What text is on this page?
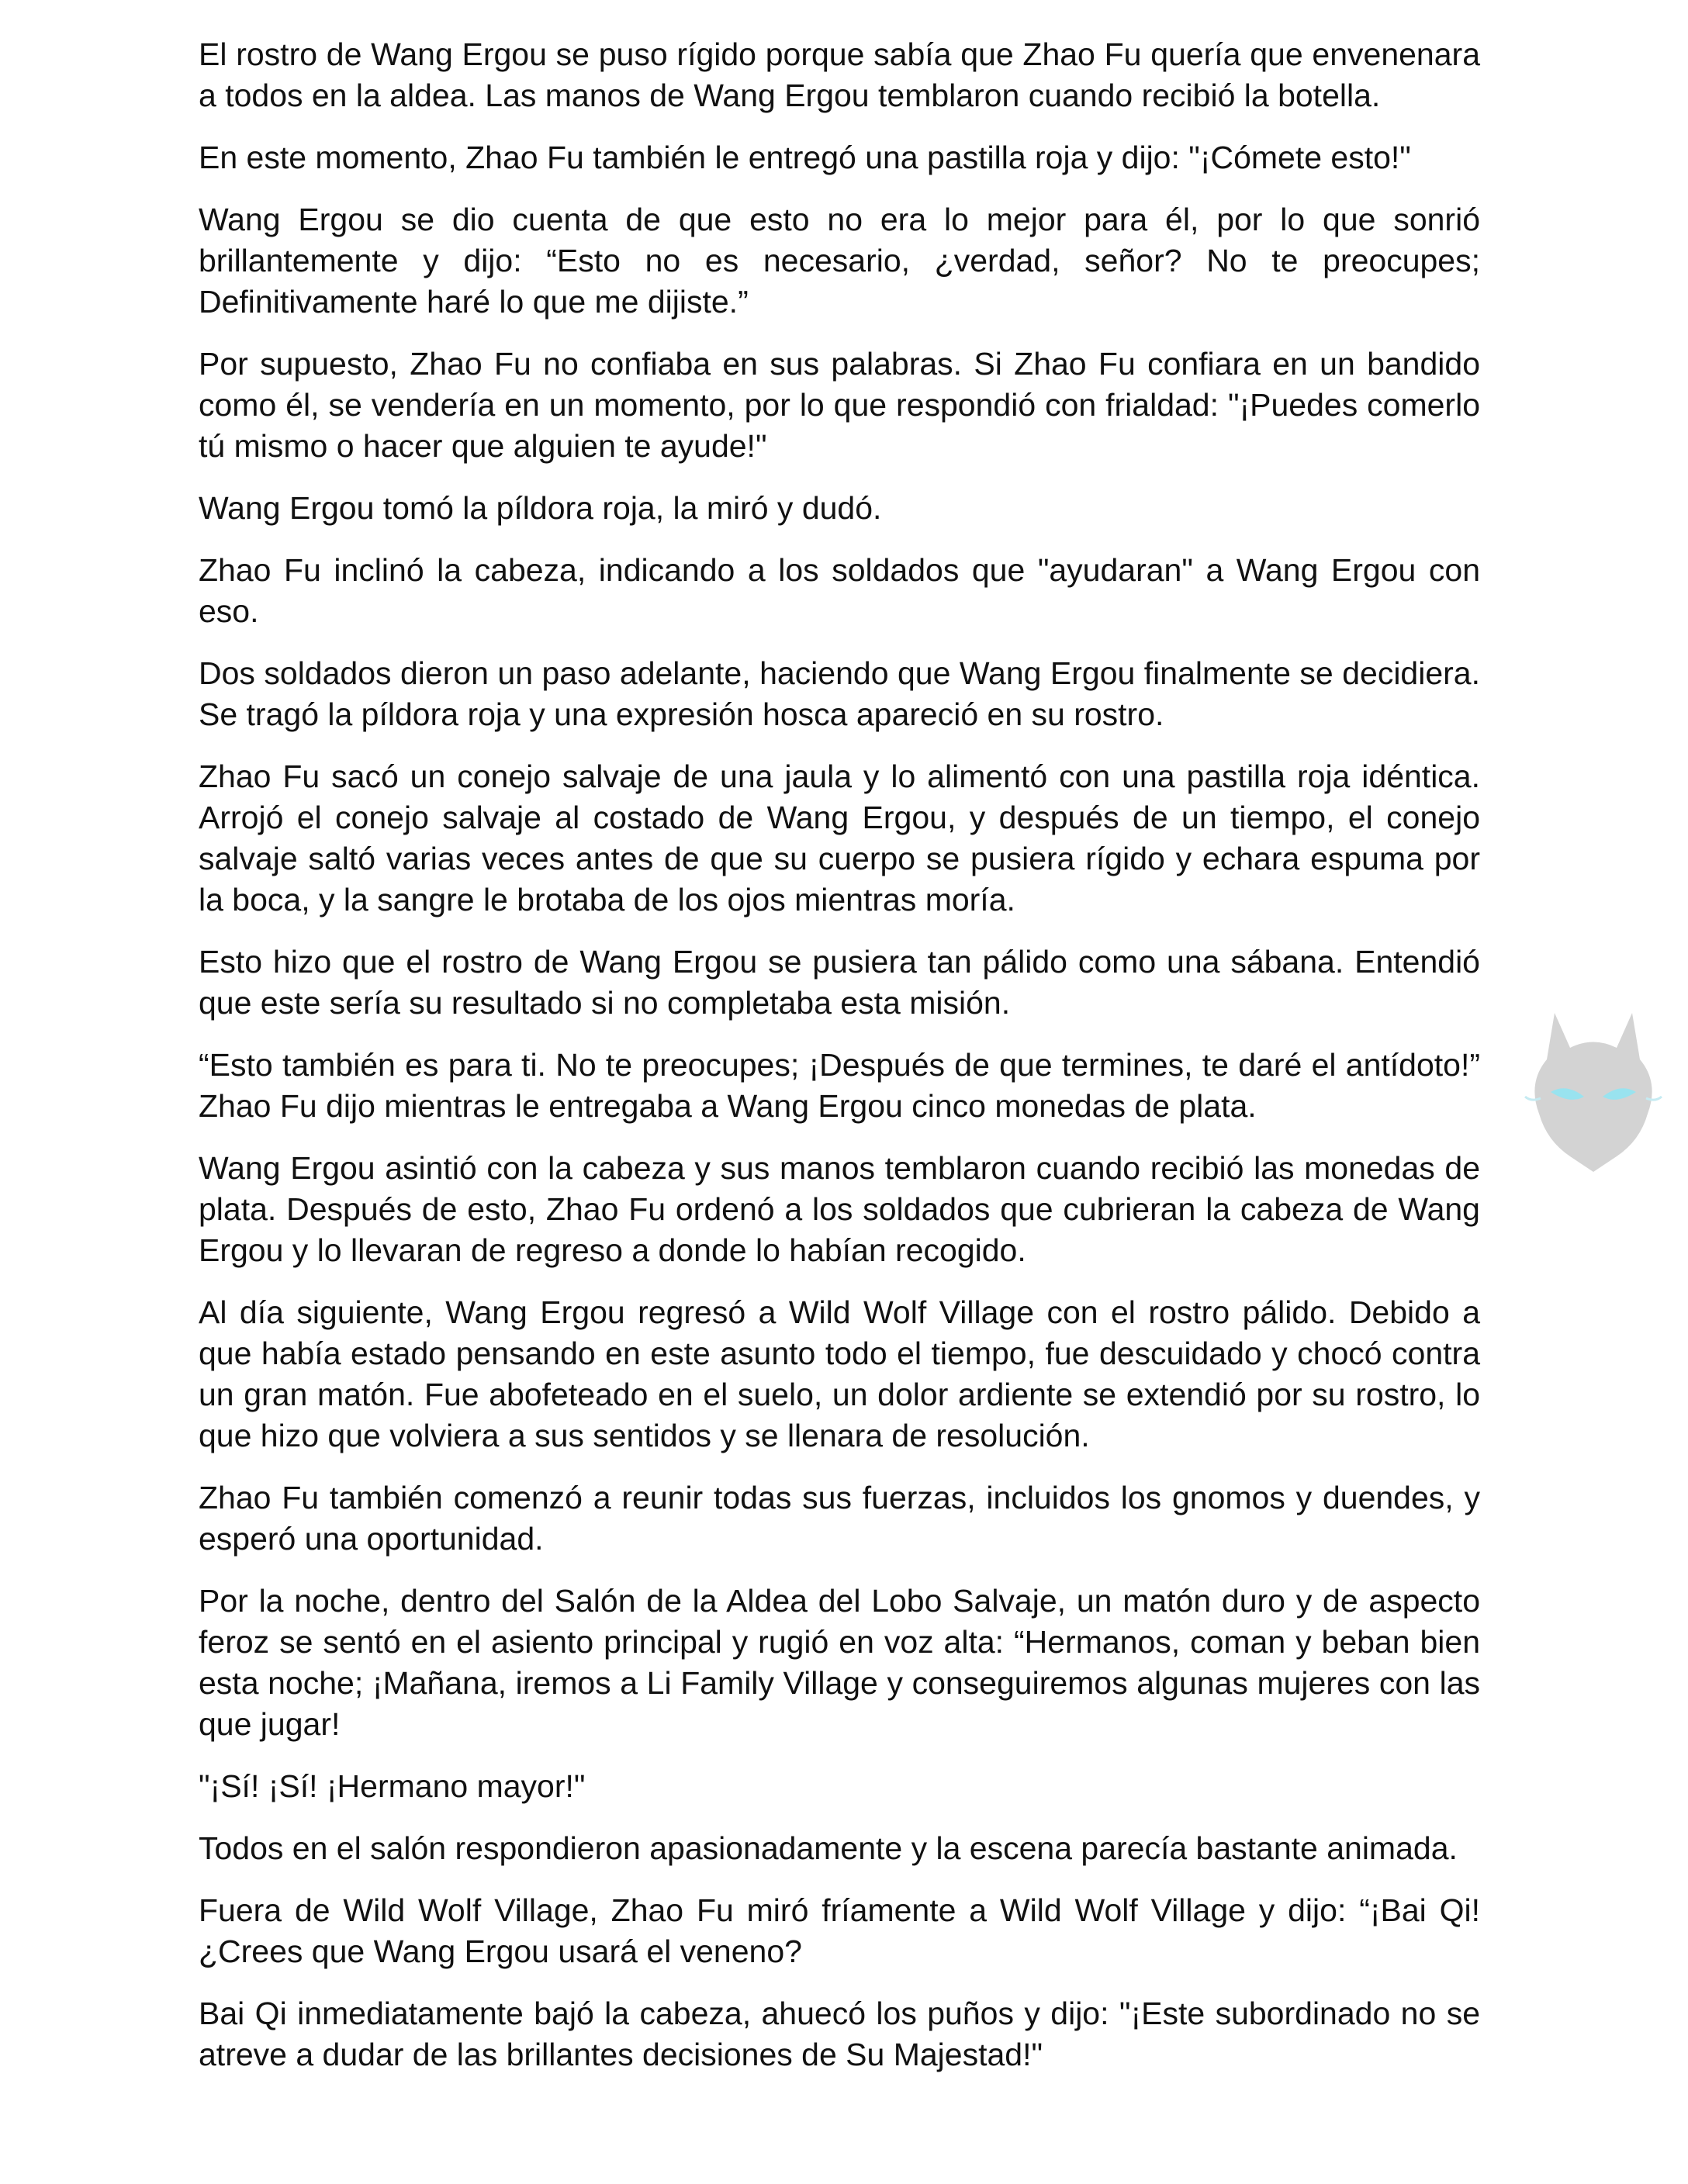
El rostro de Wang Ergou se puso rígido porque sabía que Zhao Fu quería que envenenara a todos en la aldea. Las manos de Wang Ergou temblaron cuando recibió la botella.

En este momento, Zhao Fu también le entregó una pastilla roja y dijo: "¡Cómete esto!"

Wang Ergou se dio cuenta de que esto no era lo mejor para él, por lo que sonrió brillantemente y dijo: “Esto no es necesario, ¿verdad, señor? No te preocupes; Definitivamente haré lo que me dijiste.”

Por supuesto, Zhao Fu no confiaba en sus palabras. Si Zhao Fu confiara en un bandido como él, se vendería en un momento, por lo que respondió con frialdad: "¡Puedes comerlo tú mismo o hacer que alguien te ayude!"

Wang Ergou tomó la píldora roja, la miró y dudó.

Zhao Fu inclinó la cabeza, indicando a los soldados que "ayudaran" a Wang Ergou con eso.

Dos soldados dieron un paso adelante, haciendo que Wang Ergou finalmente se decidiera. Se tragó la píldora roja y una expresión hosca apareció en su rostro.

Zhao Fu sacó un conejo salvaje de una jaula y lo alimentó con una pastilla roja idéntica. Arrojó el conejo salvaje al costado de Wang Ergou, y después de un tiempo, el conejo salvaje saltó varias veces antes de que su cuerpo se pusiera rígido y echara espuma por la boca, y la sangre le brotaba de los ojos mientras moría.

Esto hizo que el rostro de Wang Ergou se pusiera tan pálido como una sábana. Entendió que este sería su resultado si no completaba esta misión.

“Esto también es para ti. No te preocupes; ¡Después de que termines, te daré el antídoto!” Zhao Fu dijo mientras le entregaba a Wang Ergou cinco monedas de plata.

Wang Ergou asintió con la cabeza y sus manos temblaron cuando recibió las monedas de plata. Después de esto, Zhao Fu ordenó a los soldados que cubrieran la cabeza de Wang Ergou y lo llevaran de regreso a donde lo habían recogido.

Al día siguiente, Wang Ergou regresó a Wild Wolf Village con el rostro pálido. Debido a que había estado pensando en este asunto todo el tiempo, fue descuidado y chocó contra un gran matón. Fue abofeteado en el suelo, un dolor ardiente se extendió por su rostro, lo que hizo que volviera a sus sentidos y se llenara de resolución.

Zhao Fu también comenzó a reunir todas sus fuerzas, incluidos los gnomos y duendes, y esperó una oportunidad.

Por la noche, dentro del Salón de la Aldea del Lobo Salvaje, un matón duro y de aspecto feroz se sentó en el asiento principal y rugió en voz alta: “Hermanos, coman y beban bien esta noche; ¡Mañana, iremos a Li Family Village y conseguiremos algunas mujeres con las que jugar!

"¡Sí! ¡Sí! ¡Hermano mayor!"

Todos en el salón respondieron apasionadamente y la escena parecía bastante animada.

Fuera de Wild Wolf Village, Zhao Fu miró fríamente a Wild Wolf Village y dijo: “¡Bai Qi! ¿Crees que Wang Ergou usará el veneno?

Bai Qi inmediatamente bajó la cabeza, ahuecó los puños y dijo: "¡Este subordinado no se atreve a dudar de las brillantes decisiones de Su Majestad!"
